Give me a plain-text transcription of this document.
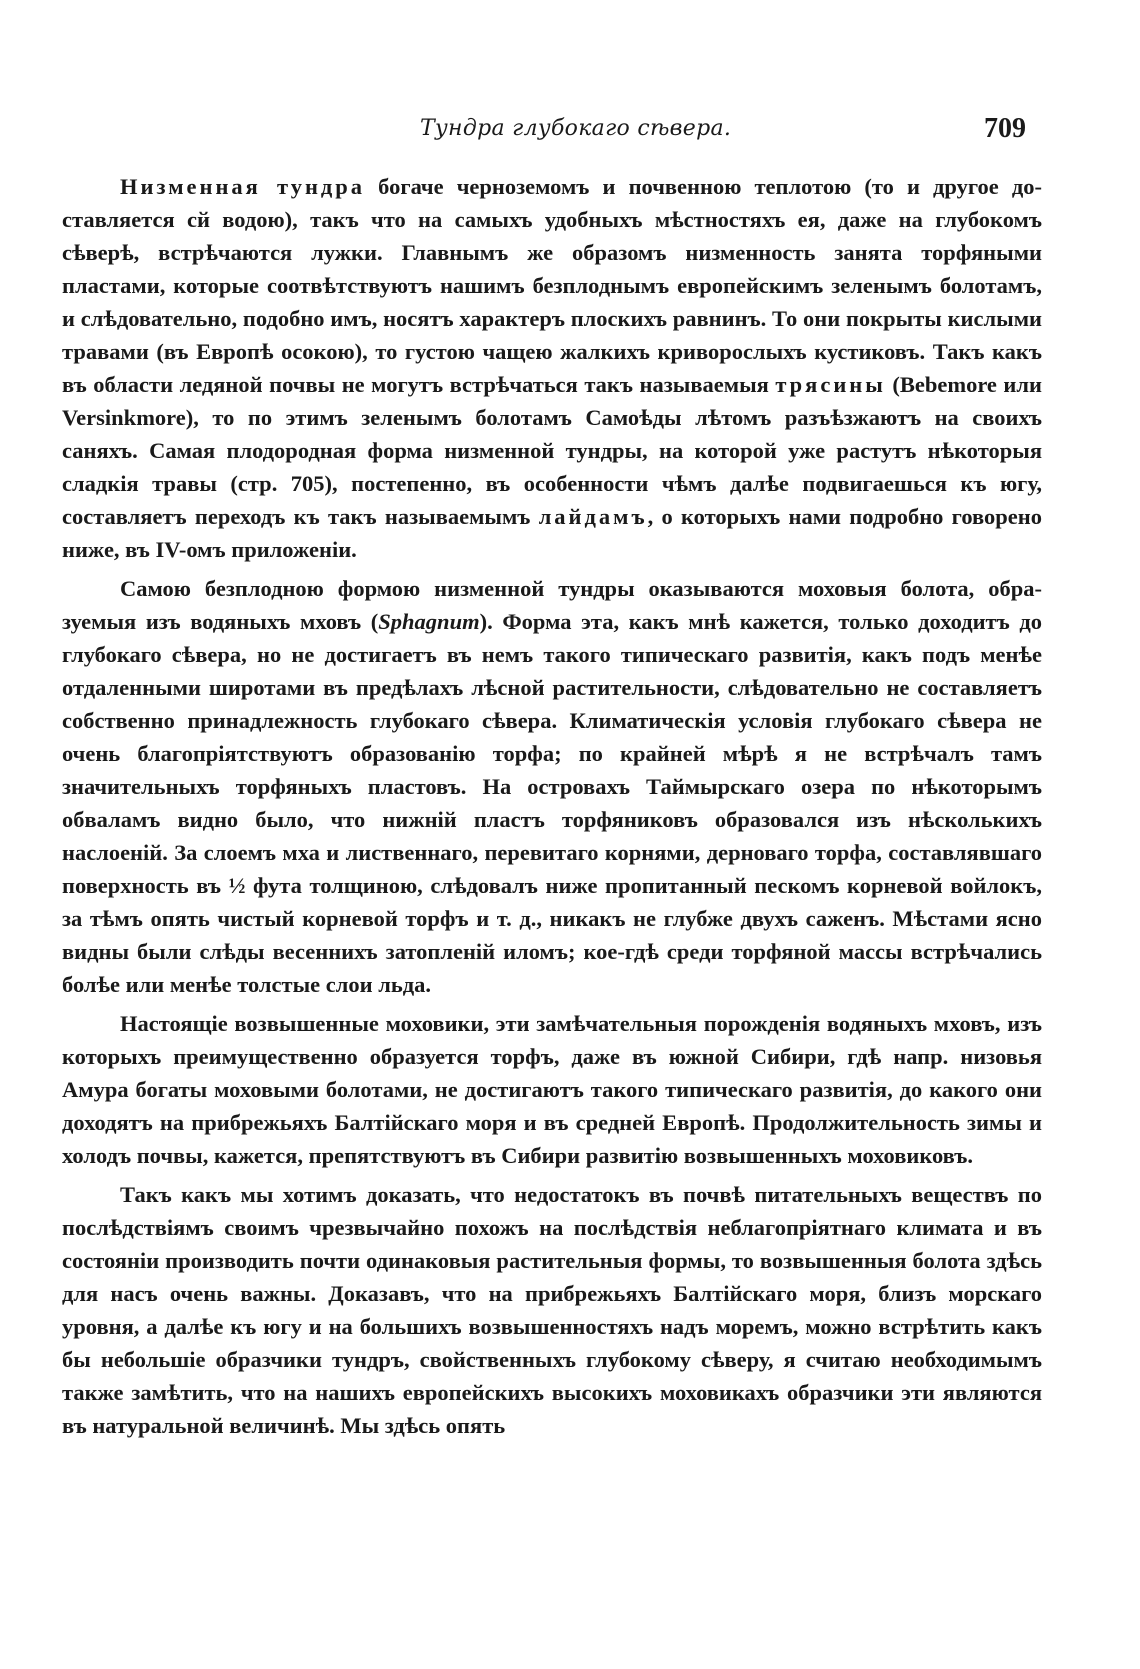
Тундра глубокаго сѣвера.	709

Низменная тундра богаче черноземомъ и почвенною теплотою (то и другое доставляется сй водою), такъ что на самыхъ удобныхъ мѣстностяхъ ея, даже на глубокомъ сѣверѣ, встрѣчаются лужки. Главнымъ же образомъ низменность занята торфяными пластами, которые соотвѣтствуютъ нашимъ безплоднымъ европейскимъ зеленымъ болотамъ, и слѣдовательно, подобно имъ, носятъ характеръ плоскихъ равнинъ. То они покрыты кислыми травами (въ Европѣ осокою), то густою чащею жалкихъ криворослыхъ кустиковъ. Такъ какъ въ области ледяной почвы не могутъ встрѣчаться такъ называемыя трясины (Bebemore или Versinkmore), то по этимъ зеленымъ болотамъ Самоѣды лѣтомъ разъѣзжаютъ на своихъ саняхъ. Самая плодородная форма низменной тундры, на которой уже растутъ нѣкоторыя сладкія травы (стр. 705), постепенно, въ особенности чѣмъ далѣе подвигаешься къ югу, составляетъ переходъ къ такъ называемымъ лайдамъ, о которыхъ нами подробно говорено ниже, въ IV-омъ приложеніи.

Самою безплодною формою низменной тундры оказываются моховыя болота, образуемыя изъ водяныхъ мховъ (Sphagnum). Форма эта, какъ мнѣ кажется, только доходитъ до глубокаго сѣвера, но не достигаетъ въ немъ такого типическаго развитія, какъ подъ менѣе отдаленными широтами въ предѣлахъ лѣсной растительности, слѣдовательно не составляетъ собственно принадлежность глубокаго сѣвера. Климатическія условія глубокаго сѣвера не очень благопріятствуютъ образованію торфа; по крайней мѣрѣ я не встрѣчалъ тамъ значительныхъ торфяныхъ пластовъ. На островахъ Таймырскаго озера по нѣкоторымъ обваламъ видно было, что нижній пластъ торфяниковъ образовался изъ нѣсколькихъ наслоеній. За слоемъ мха и лиственнаго, перевитаго корнями, дерноваго торфа, составлявшаго поверхность въ ½ фута толщиною, слѣдовалъ ниже пропитанный пескомъ корневой войлокъ, за тѣмъ опять чистый корневой торфъ и т. д., никакъ не глубже двухъ саженъ. Мѣстами ясно видны были слѣды весеннихъ затопленій иломъ; кое-гдѣ среди торфяной массы встрѣчались болѣе или менѣе толстые слои льда.

Настоящіе возвышенные моховики, эти замѣчательныя порожденія водяныхъ мховъ, изъ которыхъ преимущественно образуется торфъ, даже въ южной Сибири, гдѣ напр. низовья Амура богаты моховыми болотами, не достигаютъ такого типическаго развитія, до какого они доходятъ на прибрежьяхъ Балтійскаго моря и въ средней Европѣ. Продолжительность зимы и холодъ почвы, кажется, препятствуютъ въ Сибири развитію возвышенныхъ моховиковъ.

Такъ какъ мы хотимъ доказать, что недостатокъ въ почвѣ питательныхъ веществъ по послѣдствіямъ своимъ чрезвычайно похожъ на послѣдствія неблагопріятнаго климата и въ состояніи производить почти одинаковыя растительныя формы, то возвышенныя болота здѣсь для насъ очень важны. Доказавъ, что на прибрежьяхъ Балтійскаго моря, близъ морскаго уровня, а далѣе къ югу и на большихъ возвышенностяхъ надъ моремъ, можно встрѣтить какъ бы небольшіе образчики тундръ, свойственныхъ глубокому сѣверу, я считаю необходимымъ также замѣтить, что на нашихъ европейскихъ высокихъ моховикахъ образчики эти являются въ натуральной величинѣ. Мы здѣсь опять
